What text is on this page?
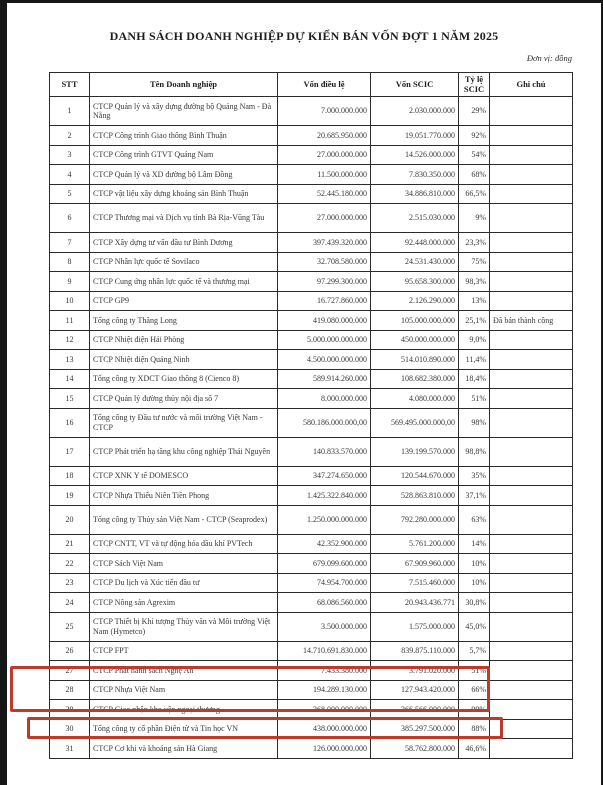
DANH SÁCH DOANH NGHIỆP DỰ KIẾN BÁN VỐN ĐỢT 1 NĂM 2025
Đơn vị: đồng
STT	Tên Doanh nghiệp	Vốn điều lệ	Vốn SCIC	Tỷ lệ SCIC	Ghi chú
1	CTCP Quản lý và xây dựng đường bộ Quảng Nam - Đà Nẵng	7.000.000.000	2.030.000.000	29%	
2	CTCP Công trình Giao thông Bình Thuận	20.685.950.000	19.051.770.000	92%	
3	CTCP Công trình GTVT Quảng Nam	27.000.000.000	14.526.000.000	54%	
4	CTCP Quản lý và XD đường bộ Lâm Đồng	11.500.000.000	7.830.350.000	68%	
5	CTCP vật liệu xây dựng khoáng sản Bình Thuận	52.445.180.000	34.886.810.000	66,5%	
6	CTCP Thương mại và Dịch vụ tỉnh Bà Rịa-Vũng Tàu	27.000.000.000	2.515.030.000	9%	
7	CTCP Xây dựng tư vấn đầu tư Bình Dương	397.439.320.000	92.448.000.000	23,3%	
8	CTCP Nhân lực quốc tế Sovilaco	32.708.580.000	24.531.430.000	75%	
9	CTCP Cung ứng nhân lực quốc tế và thương mại	97.299.300.000	95.658.300.000	98,3%	
10	CTCP GP9	16.727.860.000	2.126.290.000	13%	
11	Tổng công ty Thăng Long	419.080.000.000	105.000.000.000	25,1%	Đã bán thành công
12	CTCP Nhiệt điện Hải Phòng	5.000.000.000.000	450.000.000.000	9,0%	
13	CTCP Nhiệt điện Quảng Ninh	4.500.000.000.000	514.010.890.000	11,4%	
14	Tổng công ty XDCT Giao thông 8 (Cienco 8)	589.914.260.000	108.682.380.000	18,4%	
15	CTCP Quản lý đường thủy nội địa số 7	8.000.000.000	4.080.000.000	51%	
16	Tổng công ty Đầu tư nước và môi trường Việt Nam - CTCP	580.186.000.000,00	569.495.000.000,00	98%	
17	CTCP Phát triển hạ tầng khu công nghiệp Thái Nguyên	140.833.570.000	139.199.570.000	98,8%	
18	CTCP XNK Y tế DOMESCO	347.274.650.000	120.544.670.000	35%	
19	CTCP Nhựa Thiếu Niên Tiền Phong	1.425.322.840.000	528.863.810.000	37,1%	
20	Tổng công ty Thủy sản Việt Nam - CTCP (Seaprodex)	1.250.000.000.000	792.280.000.000	63%	
21	CTCP CNTT, VT và tự động hóa dầu khí PVTech	42.352.900.000	5.761.200.000	14%	
22	CTCP Sách Việt Nam	679.099.600.000	67.909.960.000	10%	
23	CTCP Du lịch và Xúc tiến đầu tư	74.954.700.000	7.515.460.000	10%	
24	CTCP Nông sản Agrexim	68.086.560.000	20.943.436.771	30,8%	
25	CTCP Thiết bị Khí tượng Thủy văn và Môi trường Việt Nam (Hymetco)	3.500.000.000	1.575.000.000	45,0%	
26	CTCP FPT	14.710.691.830.000	839.875.110.000	5,7%	
27	CTCP Phát hành sách Nghệ An	7.433.380.000	3.791.020.000	51%	
28	CTCP Nhựa Việt Nam	194.289.130.000	127.943.420.000	66%	
29	CTCP Giao nhận kho vận ngoại thương	268.000.000.000	266.566.000.000	99%	
30	Tổng công ty cổ phần Điện tử và Tin học VN	438.000.000.000	385.297.500.000	88%	
31	CTCP Cơ khí và khoáng sản Hà Giang	126.000.000.000	58.762.800.000	46,6%	
